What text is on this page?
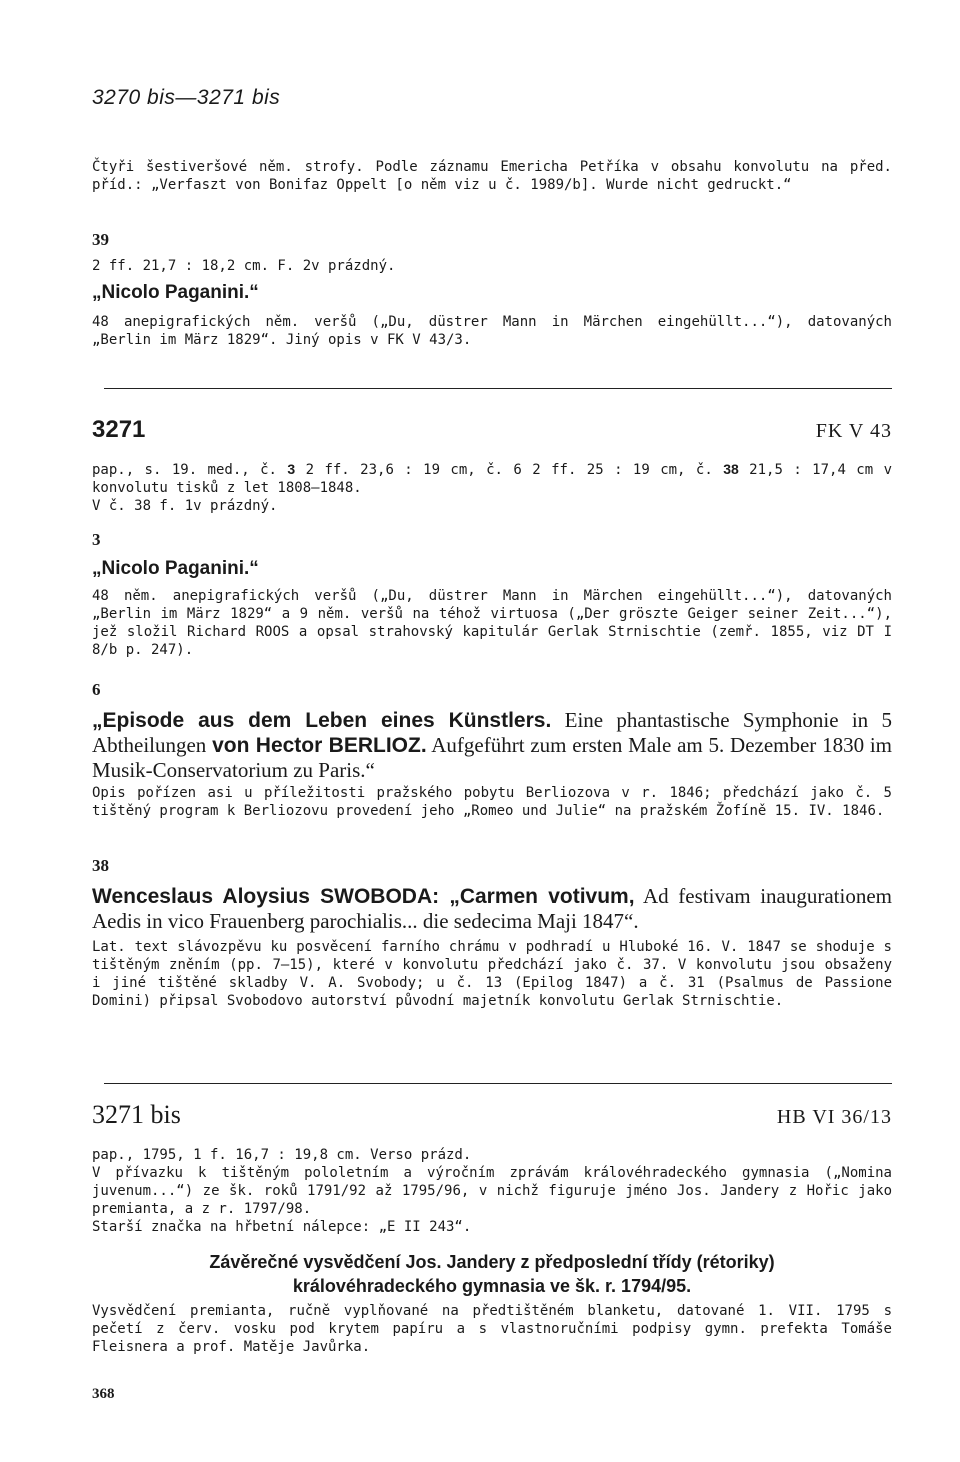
3270 bis—3271 bis

Čtyři šestiveršové něm. strofy. Podle záznamu Emericha Petříka v obsahu konvolutu na před. příd.: „Verfaszt von Bonifaz Oppelt [o něm viz u č. 1989/b]. Wurde nicht gedruckt.“

39

2 ff. 21,7 : 18,2 cm. F. 2v prázdný.

„Nicolo Paganini.“

48 anepigrafických něm. veršů („Du, düstrer Mann in Märchen eingehüllt...“), datovaných „Berlin im März 1829“. Jiný opis v FK V 43/3.

3271	FK V 43

pap., s. 19. med., č. 3 2 ff. 23,6 : 19 cm, č. 6 2 ff. 25 : 19 cm, č. 38 21,5 : 17,4 cm v konvolutu tisků z let 1808—1848.

V č. 38 f. 1v prázdný.

3
„Nicolo Paganini.“

48 něm. anepigrafických veršů („Du, düstrer Mann in Märchen eingehüllt...“), datovaných „Berlin im März 1829“ a 9 něm. veršů na téhož virtuosa („Der gröszte Geiger seiner Zeit...“), jež složil Richard ROOS a opsal strahovský kapitulár Gerlak Strnischtie (zemř. 1855, viz DT I 8/b p. 247).

6

„Episode aus dem Leben eines Künstlers. Eine phantastische Symphonie in 5 Abtheilungen von Hector BERLIOZ. Aufgeführt zum ersten Male am 5. Dezember 1830 im Musik-Conservatorium zu Paris.“

Opis pořízen asi u příležitosti pražského pobytu Berliozova v r. 1846; předchází jako č. 5 tištěný program k Berliozovu provedení jeho „Romeo und Julie“ na pražském Žofíně 15. IV. 1846.

38

Wenceslaus Aloysius SWOBODA: „Carmen votivum, Ad festivam inaugurationem Aedis in vico Frauenberg parochialis... die sedecima Maji 1847“.

Lat. text slávozpěvu ku posvěcení farního chrámu v podhradí u Hluboké 16. V. 1847 se shoduje s tištěným zněním (pp. 7—15), které v konvolutu předchází jako č. 37. V konvolutu jsou obsaženy i jiné tištěné skladby V. A. Svobody; u č. 13 (Epilog 1847) a č. 31 (Psalmus de Passione Domini) připsal Svobodovo autorství původní majetník konvolutu Gerlak Strnischtie.

3271 bis	HB VI 36/13

pap., 1795, 1 f. 16,7 : 19,8 cm. Verso prázd.

V přívazku k tištěným pololetním a výročním zprávám královéhradeckého gymnasia („Nomina juvenum...“) ze šk. roků 1791/92 až 1795/96, v nichž figuruje jméno Jos. Jandery z Hořic jako premianta, a z r. 1797/98.

Starší značka na hřbetní nálepce: „E II 243“.

Závěrečné vysvědčení Jos. Jandery z předposlední třídy (rétoriky)
královéhradeckého gymnasia ve šk. r. 1794/95.

Vysvědčení premianta, ručně vyplňované na předtištěném blanketu, datované 1. VII. 1795 s pečetí z červ. vosku pod krytem papíru a s vlastnoručními podpisy gymn. prefekta Tomáše Fleisnera a prof. Matěje Javůrka.

368
